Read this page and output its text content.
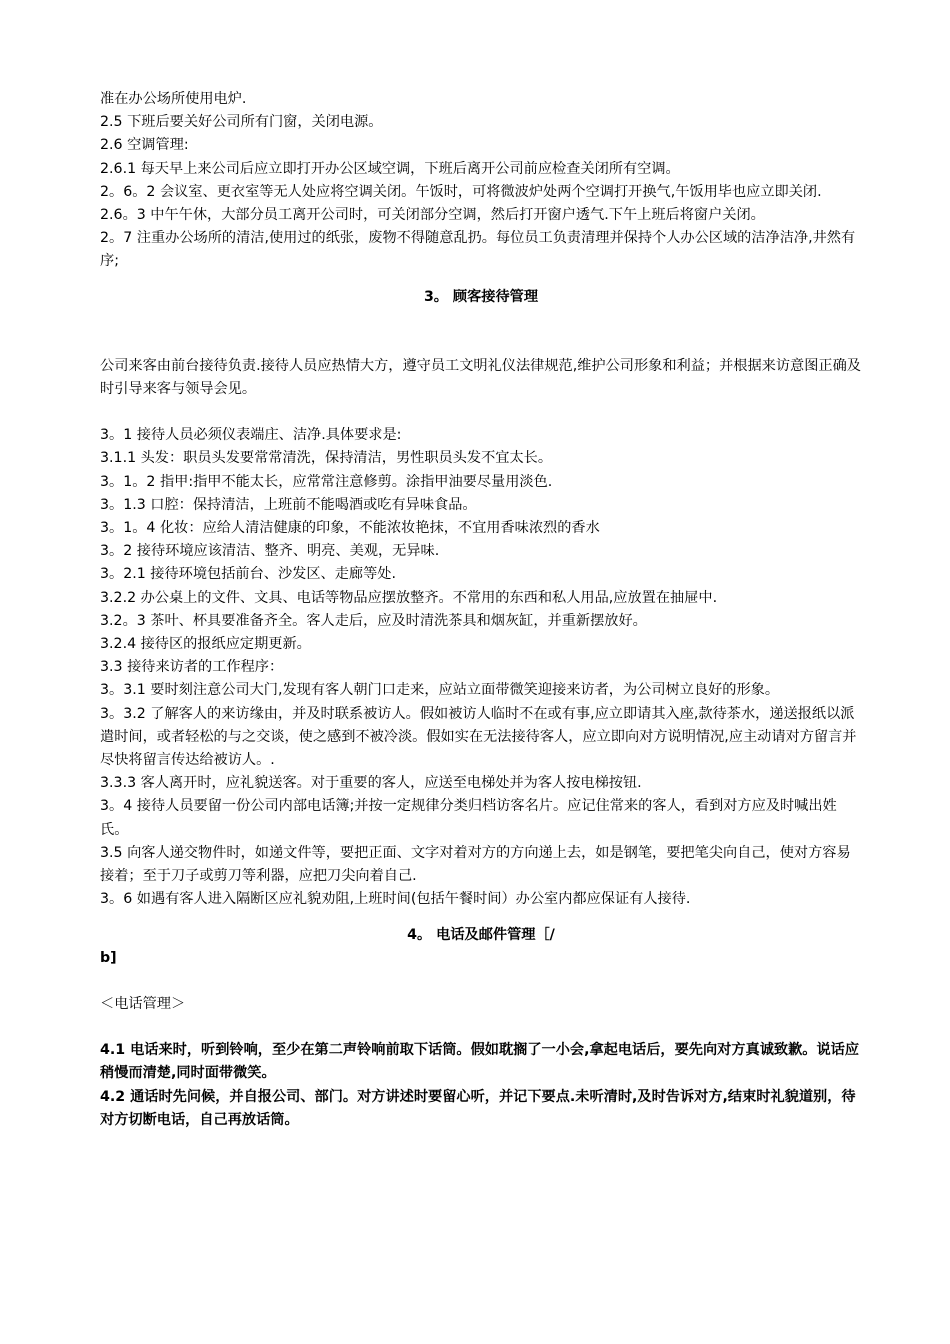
准在办公场所使用电炉.

2.5 下班后要关好公司所有门窗，关闭电源。

2.6 空调管理:

2.6.1 每天早上来公司后应立即打开办公区域空调，下班后离开公司前应检查关闭所有空调。

2。6。2 会议室、更衣室等无人处应将空调关闭。午饭时，可将微波炉处两个空调打开换气,午饭用毕也应立即关闭.

2.6。3 中午午休，大部分员工离开公司时，可关闭部分空调，然后打开窗户透气.下午上班后将窗户关闭。

2。7 注重办公场所的清洁,使用过的纸张，废物不得随意乱扔。每位员工负责清理并保持个人办公区域的洁净洁净,井然有序;

3。 顾客接待管理

公司来客由前台接待负责.接待人员应热情大方，遵守员工文明礼仪法律规范,维护公司形象和利益；并根据来访意图正确及时引导来客与领导会见。

3。1 接待人员必须仪表端庄、洁净.具体要求是:

3.1.1 头发：职员头发要常常清洗，保持清洁，男性职员头发不宜太长。

3。1。2 指甲:指甲不能太长，应常常注意修剪。涂指甲油要尽量用淡色.

3。1.3 口腔：保持清洁，上班前不能喝酒或吃有异味食品。

3。1。4 化妆：应给人清洁健康的印象，不能浓妆艳抹，不宜用香味浓烈的香水

3。2 接待环境应该清洁、整齐、明亮、美观，无异味.

3。2.1 接待环境包括前台、沙发区、走廊等处.

3.2.2 办公桌上的文件、文具、电话等物品应摆放整齐。不常用的东西和私人用品,应放置在抽屉中.

3.2。3 茶叶、杯具要准备齐全。客人走后，应及时清洗茶具和烟灰缸，并重新摆放好。

3.2.4 接待区的报纸应定期更新。

3.3 接待来访者的工作程序：

3。3.1 要时刻注意公司大门,发现有客人朝门口走来，应站立面带微笑迎接来访者，为公司树立良好的形象。

3。3.2 了解客人的来访缘由，并及时联系被访人。假如被访人临时不在或有事,应立即请其入座,款待茶水，递送报纸以派遣时间，或者轻松的与之交谈，使之感到不被冷淡。假如实在无法接待客人，应立即向对方说明情况,应主动请对方留言并尽快将留言传达给被访人。.

3.3.3 客人离开时，应礼貌送客。对于重要的客人，应送至电梯处并为客人按电梯按钮.

3。4 接待人员要留一份公司内部电话簿;并按一定规律分类归档访客名片。应记住常来的客人，看到对方应及时喊出姓氏。

3.5 向客人递交物件时，如递文件等，要把正面、文字对着对方的方向递上去，如是钢笔，要把笔尖向自己，使对方容易接着；至于刀子或剪刀等利器，应把刀尖向着自己.

3。6 如遇有客人进入隔断区应礼貌劝阻,上班时间(包括午餐时间）办公室内都应保证有人接待.

4。 电话及邮件管理［/

b]

＜电话管理＞

4.1 电话来时，听到铃响，至少在第二声铃响前取下话筒。假如耽搁了一小会,拿起电话后，要先向对方真诚致歉。说话应稍慢而清楚,同时面带微笑。

4.2 通话时先问候，并自报公司、部门。对方讲述时要留心听，并记下要点.未听清时,及时告诉对方,结束时礼貌道别，待对方切断电话，自己再放话筒。
